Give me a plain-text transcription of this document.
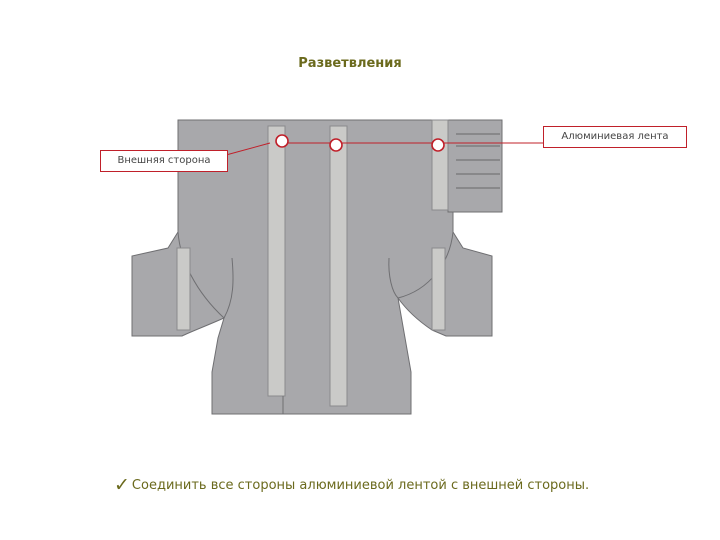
Разветвления
Внешняя сторона
Алюминиевая лента
✓ Соединить все стороны алюминиевой лентой с внешней стороны.
